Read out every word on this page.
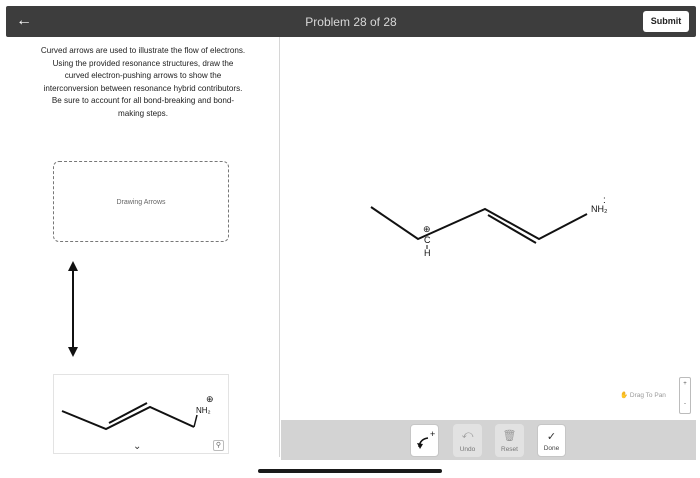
←	Problem 28 of 28	Submit
Curved arrows are used to illustrate the flow of electrons.
Using the provided resonance structures, draw the
curved electron-pushing arrows to show the
interconversion between resonance hybrid contributors.
Be sure to account for all bond-breaking and bond-
making steps.
Drawing Arrows
NH₂
⊕
⌄	⚲
⊕
C
H
NH₂
:
✋ Drag To Pan
+
-
+	⤺
Undo
🗑
Reset
✓
Done
